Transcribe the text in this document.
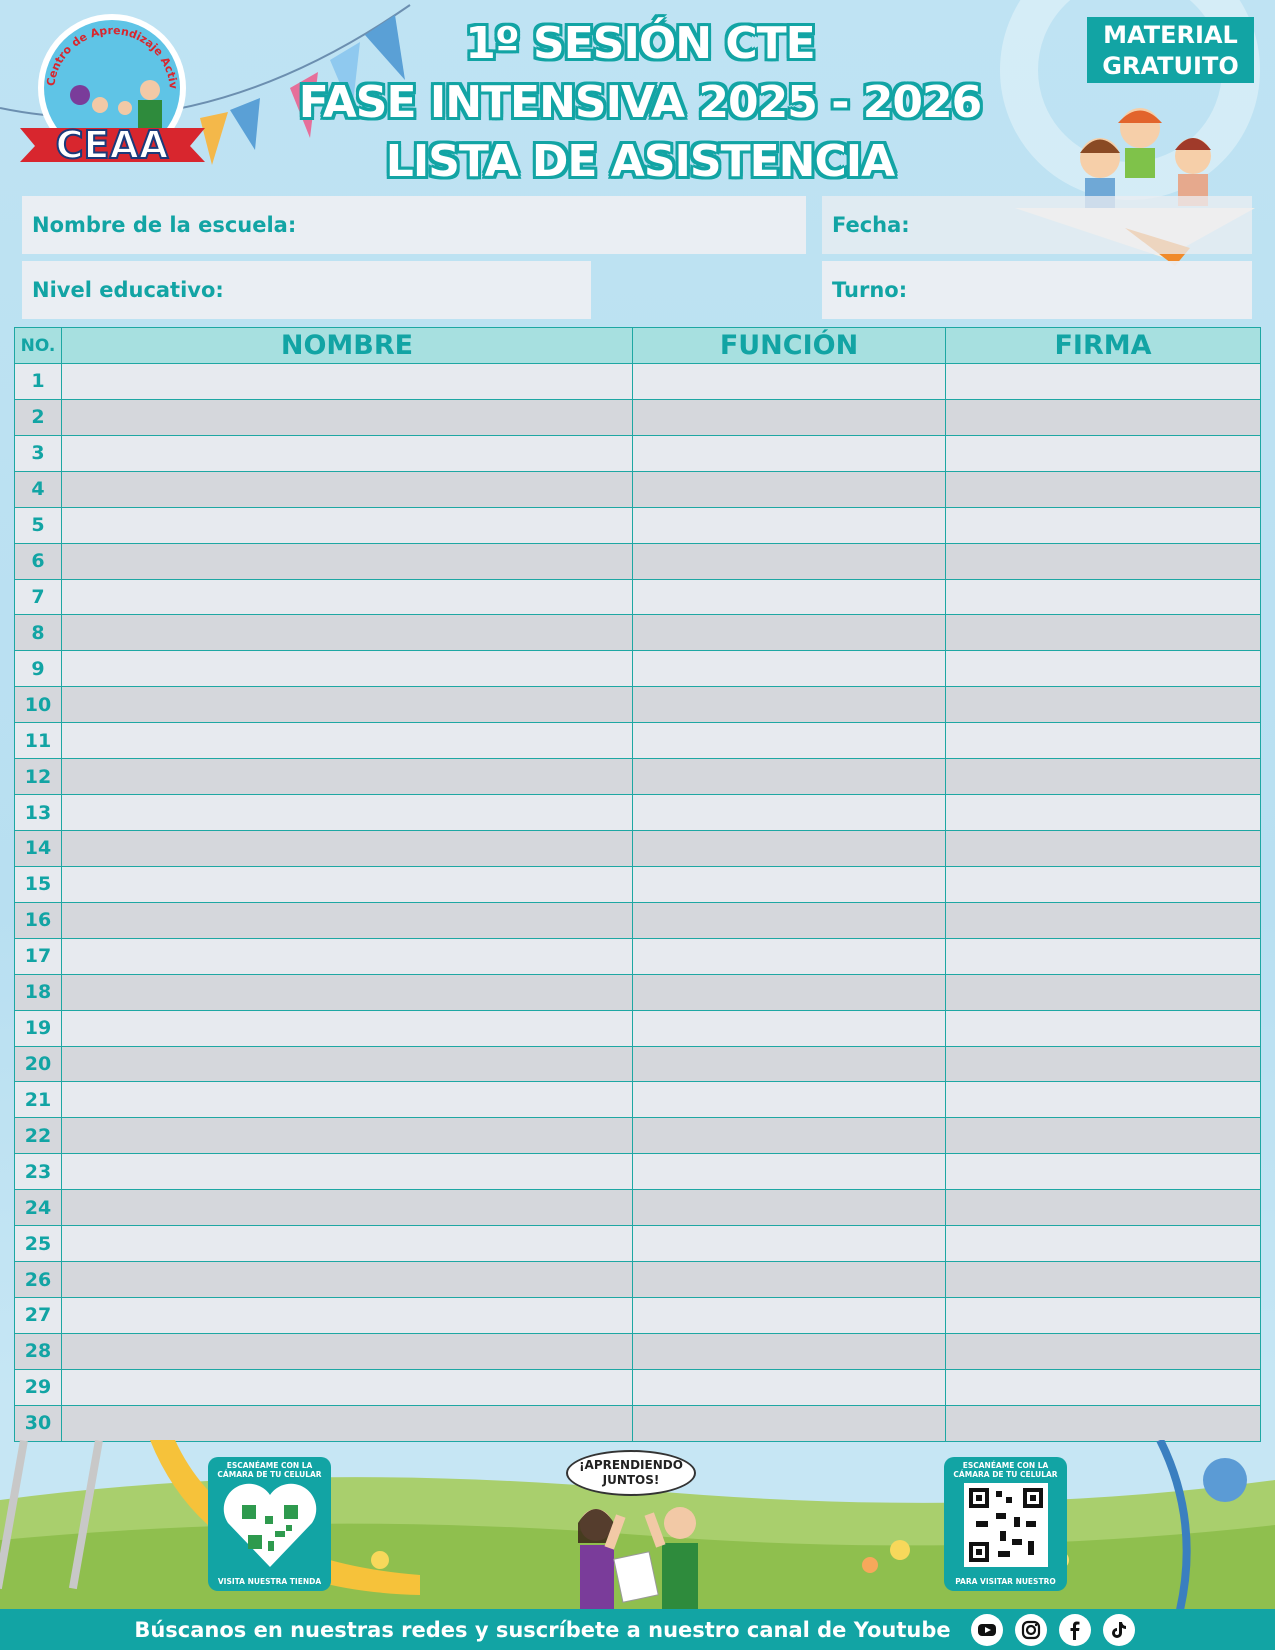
Centro de Aprendizaje Activ
CEAA
1º SESIÓN CTE
FASE INTENSIVA 2025 - 2026
LISTA DE ASISTENCIA
MATERIAL
GRATUITO
Nombre de la escuela:	Fecha:
Nivel educativo:	Turno:
NO.	NOMBRE	FUNCIÓN	FIRMA
1			
2			
3			
4			
5			
6			
7			
8			
9			
10			
11			
12			
13			
14			
15			
16			
17			
18			
19			
20			
21			
22			
23			
24			
25			
26			
27			
28			
29			
30			
ESCANÉAME CON LA CÁMARA DE TU CELULAR
VISITA NUESTRA TIENDA
¡APRENDIENDO JUNTOS!
ESCANÉAME CON LA CÁMARA DE TU CELULAR
PARA VISITAR NUESTRO
Búscanos en nuestras redes y suscríbete a nuestro canal de Youtube
